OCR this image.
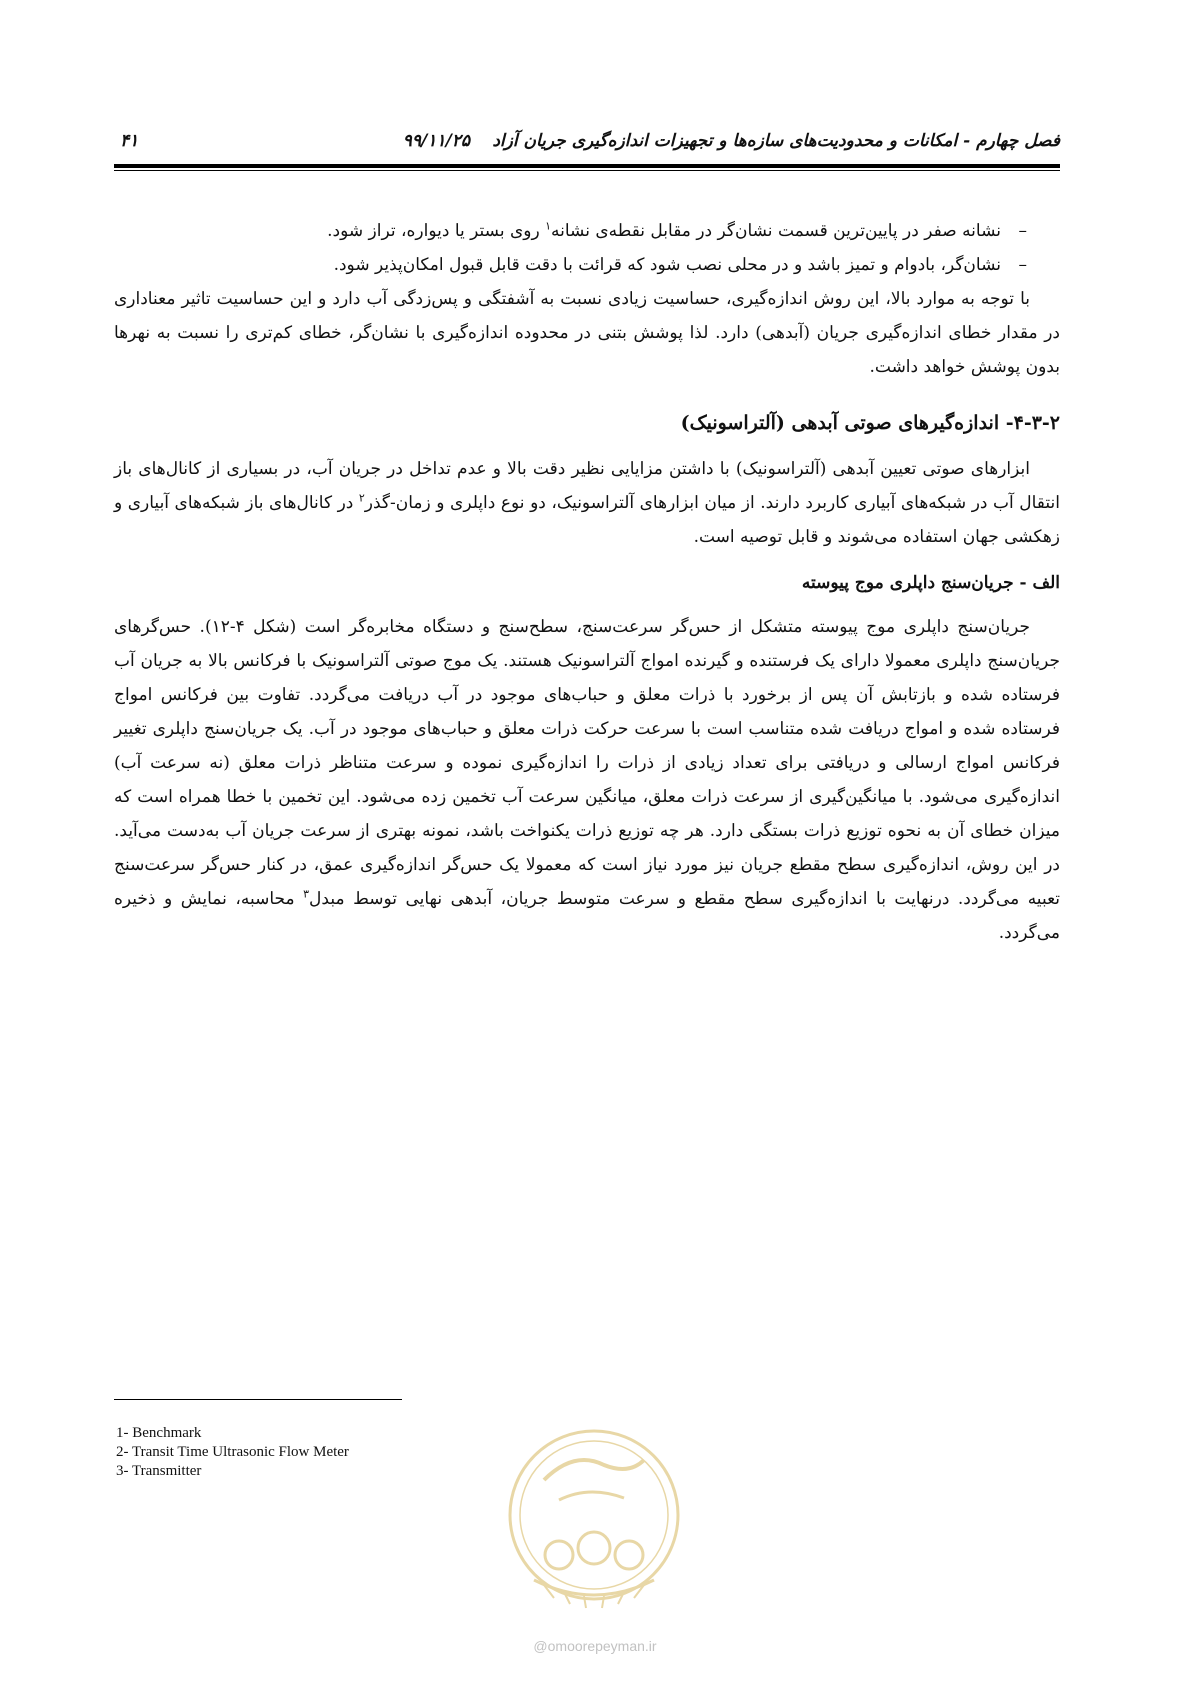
فصل چهارم - امکانات و محدودیت‌های سازه‌ها و تجهیزات اندازه‌گیری جریان آزاد
۹۹/۱۱/۲۵
۴۱
–
نشانه صفر در پایین‌ترین قسمت نشان‌گر در مقابل نقطه‌ی نشانه$^۱$ روی بستر یا دیواره، تراز شود.
–
نشان‌گر، بادوام و تمیز باشد و در محلی نصب شود که قرائت با دقت قابل قبول امکان‌پذیر شود.

با توجه به موارد بالا، این روش اندازه‌گیری، حساسیت زیادی نسبت به آشفتگی و پس‌زدگی آب دارد و این حساسیت تاثیر معناداری در مقدار خطای اندازه‌گیری جریان (آبدهی) دارد. لذا پوشش بتنی در محدوده اندازه‌گیری با نشان‌گر، خطای کم‌تری را نسبت به نهرها بدون پوشش خواهد داشت.

۴-۳-۲- اندازه‌گیرهای صوتی آبدهی (آلتراسونیک)

ابزارهای صوتی تعیین آبدهی (آلتراسونیک) با داشتن مزایایی نظیر دقت بالا و عدم تداخل در جریان آب، در بسیاری از کانال‌های باز انتقال آب در شبکه‌های آبیاری کاربرد دارند. از میان ابزارهای آلتراسونیک، دو نوع داپلری و زمان-گذر$^۲$ در کانال‌های باز شبکه‌های آبیاری و زهکشی جهان استفاده می‌شوند و قابل توصیه است.

الف - جریان‌سنج داپلری موج پیوسته

جریان‌سنج داپلری موج پیوسته متشکل از حس‌گر سرعت‌سنج، سطح‌سنج و دستگاه مخابره‌گر است (شکل ۴-۱۲). حس‌گرهای جریان‌سنج داپلری معمولا دارای یک فرستنده و گیرنده امواج آلتراسونیک هستند. یک موج صوتی آلتراسونیک با فرکانس بالا به جریان آب فرستاده شده و بازتابش آن پس از برخورد با ذرات معلق و حباب‌های موجود در آب دریافت می‌گردد. تفاوت بین فرکانس امواج فرستاده شده و امواج دریافت شده متناسب است با سرعت حرکت ذرات معلق و حباب‌های موجود در آب. یک جریان‌سنج داپلری تغییر فرکانس امواج ارسالی و دریافتی برای تعداد زیادی از ذرات را اندازه‌گیری نموده و سرعت متناظر ذرات معلق (نه سرعت آب) اندازه‌گیری می‌شود. با میانگین‌گیری از سرعت ذرات معلق، میانگین سرعت آب تخمین زده می‌شود. این تخمین با خطا همراه است که میزان خطای آن به نحوه توزیع ذرات بستگی دارد. هر چه توزیع ذرات یکنواخت باشد، نمونه بهتری از سرعت جریان آب به‌دست می‌آید. در این روش، اندازه‌گیری سطح مقطع جریان نیز مورد نیاز است که معمولا یک حس‌گر اندازه‌گیری عمق، در کنار حس‌گر سرعت‌سنج تعبیه می‌گردد. درنهایت با اندازه‌گیری سطح مقطع و سرعت متوسط جریان، آبدهی نهایی توسط مبدل$^۳$ محاسبه، نمایش و ذخیره می‌گردد.

1- Benchmark
2- Transit Time Ultrasonic Flow Meter
3- Transmitter
@omoorepeyman.ir
